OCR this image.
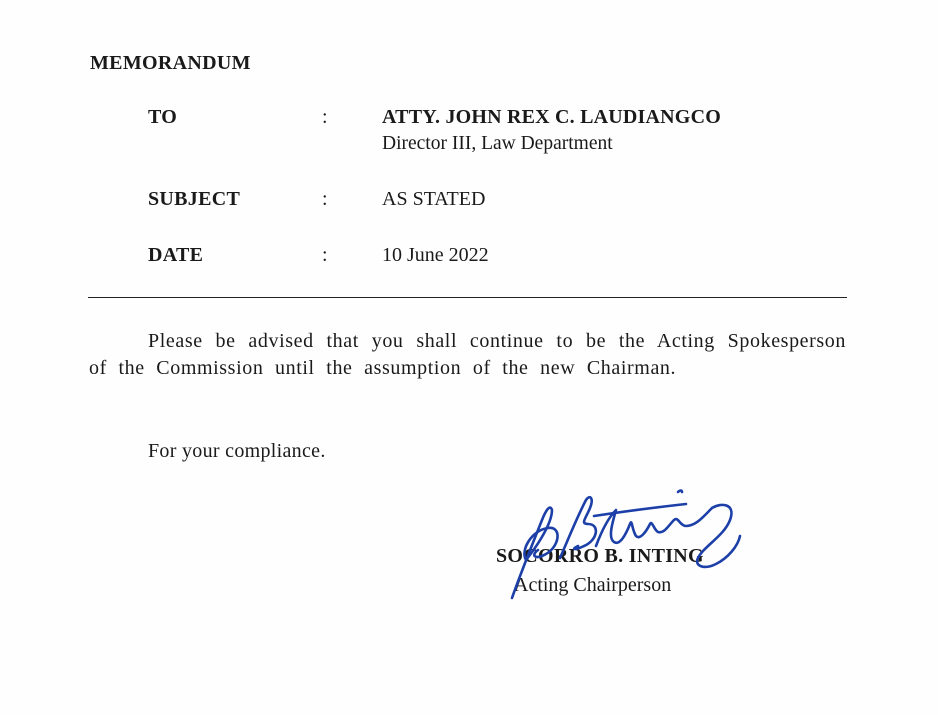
MEMORANDUM
TO	:	ATTY. JOHN REX C. LAUDIANGCO
Director III, Law Department
SUBJECT	:	AS STATED
DATE	:	10 June 2022

Please be advised that you shall continue to be the Acting Spokesperson of the Commission until the assumption of the new Chairman.

For your compliance.
SOCORRO B. INTING
Acting Chairperson
